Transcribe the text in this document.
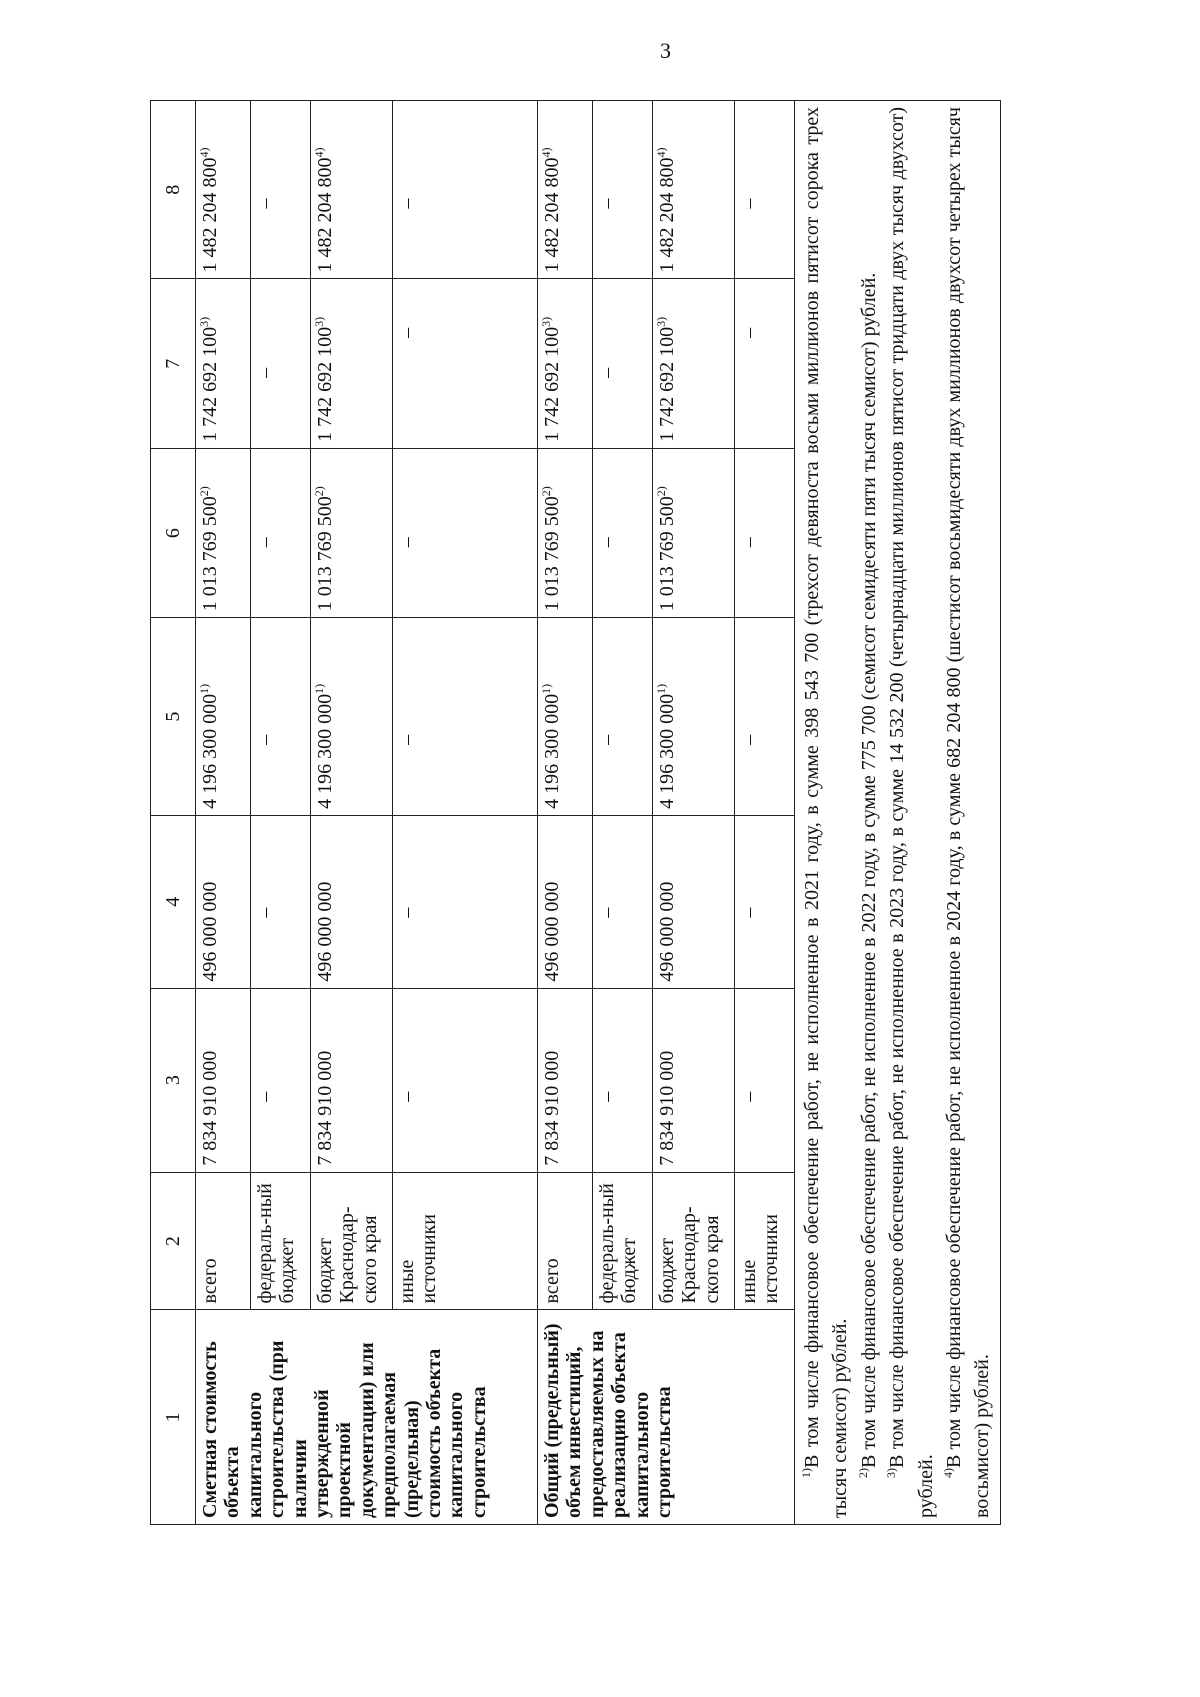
3
1	2	3	4	5	6	7	8
Сметная стоимость объекта капитального строительства (при наличии утвержденной проектной документации) или предполагаемая (предельная) стоимость объекта капитального строительства	всего	7 834 910 000	496 000 000	4 196 300 000$^{1)}$	1 013 769 500$^{2)}$	1 742 692 100$^{3)}$	1 482 204 800$^{4)}$
	федераль-ный бюджет	–	–	–	–	–	–
	бюджет Краснодар-ского края	7 834 910 000	496 000 000	4 196 300 000$^{1)}$	1 013 769 500$^{2)}$	1 742 692 100$^{3)}$	1 482 204 800$^{4)}$
	иные источники	–	–	–	–	–	–
Общий (предельный) объем инвестиций, предоставляемых на реализацию объекта капитального строительства	всего	7 834 910 000	496 000 000	4 196 300 000$^{1)}$	1 013 769 500$^{2)}$	1 742 692 100$^{3)}$	1 482 204 800$^{4)}$
	федераль-ный бюджет	–	–	–	–	–	–
	бюджет Краснодар-ского края	7 834 910 000	496 000 000	4 196 300 000$^{1)}$	1 013 769 500$^{2)}$	1 742 692 100$^{3)}$	1 482 204 800$^{4)}$
	иные источники	–	–	–	–	–	–

$^{1)}$В том числе финансовое обеспечение работ, не исполненное в 2021 году, в сумме 398 543 700 (трехсот девяноста восьми миллионов пятисот сорока трех тысяч семисот) рублей. $^{2)}$В том числе финансовое обеспечение работ, не исполненное в 2022 году, в сумме 775 700 (семисот семидесяти пяти тысяч семисот) рублей.

$^{3)}$В том числе финансовое обеспечение работ, не исполненное в 2023 году, в сумме 14 532 200 (четырнадцати миллионов пятисот тридцати двух тысяч двухсот) рублей. $^{4)}$В том числе финансовое обеспечение работ, не исполненное в 2024 году, в сумме 682 204 800 (шестисот восьмидесяти двух миллионов двухсот четырех тысяч восьмисот) рублей.							
